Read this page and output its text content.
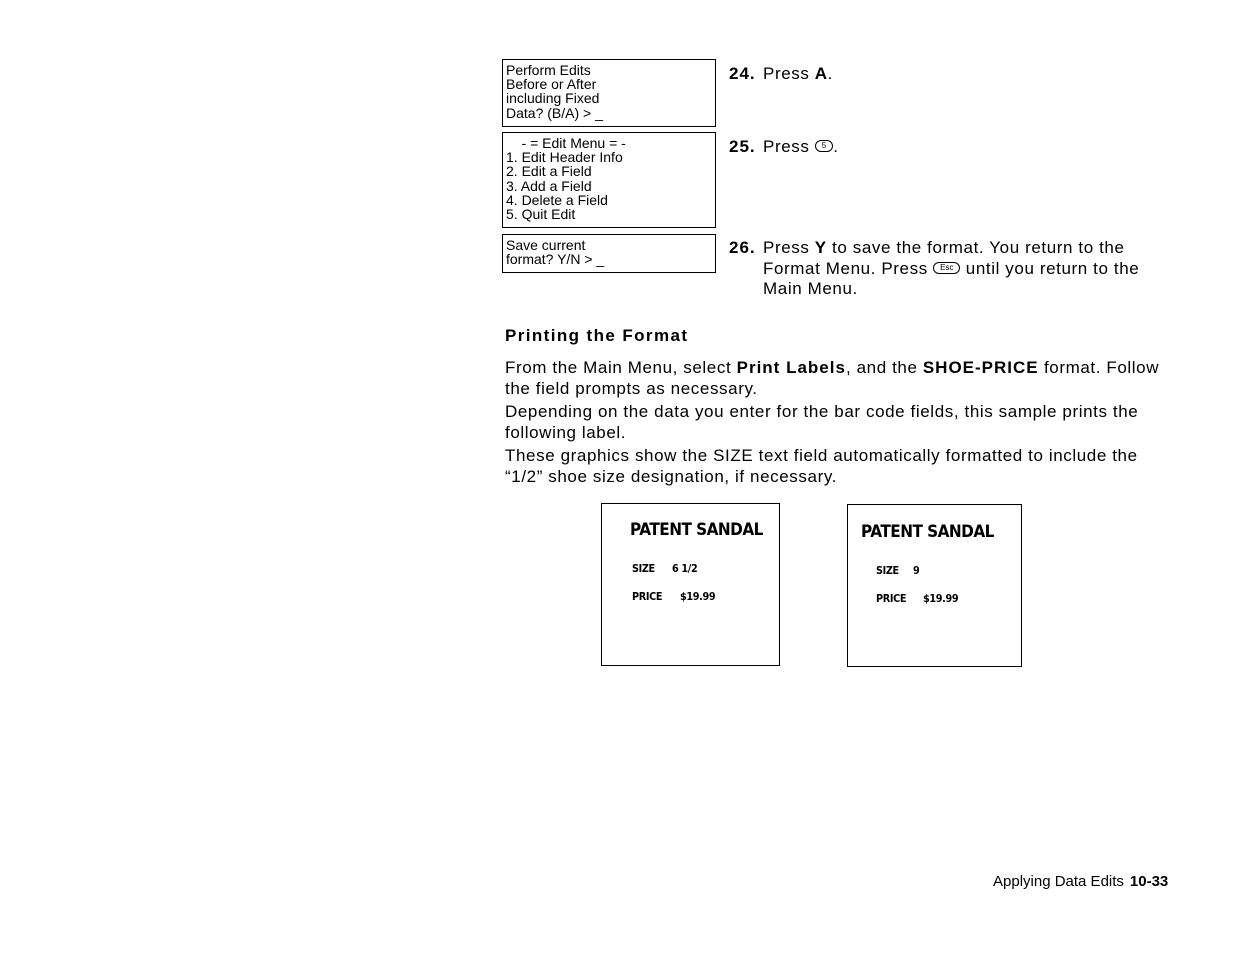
Perform Edits
Before or After
including Fixed
Data? (B/A) > _
- = Edit Menu = -
1. Edit Header Info
2. Edit a Field
3. Add a Field
4. Delete a Field
5. Quit Edit
Save current
format? Y/N > _
24. Press A.
25. Press 5 .
26. Press Y to save the format. You return to the Format Menu. Press Esc until you return to the Main Menu.
Printing the Format
From the Main Menu, select Print Labels, and the SHOE-PRICE format. Follow the field prompts as necessary.
Depending on the data you enter for the bar code fields, this sample prints the following label.
These graphics show the SIZE text field automatically formatted to include the “1/2” shoe size designation, if necessary.
PATENT SANDAL
SIZE 6 1/2
PRICE $19.99
PATENT SANDAL
SIZE 9
PRICE $19.99
Applying Data Edits 10-33
